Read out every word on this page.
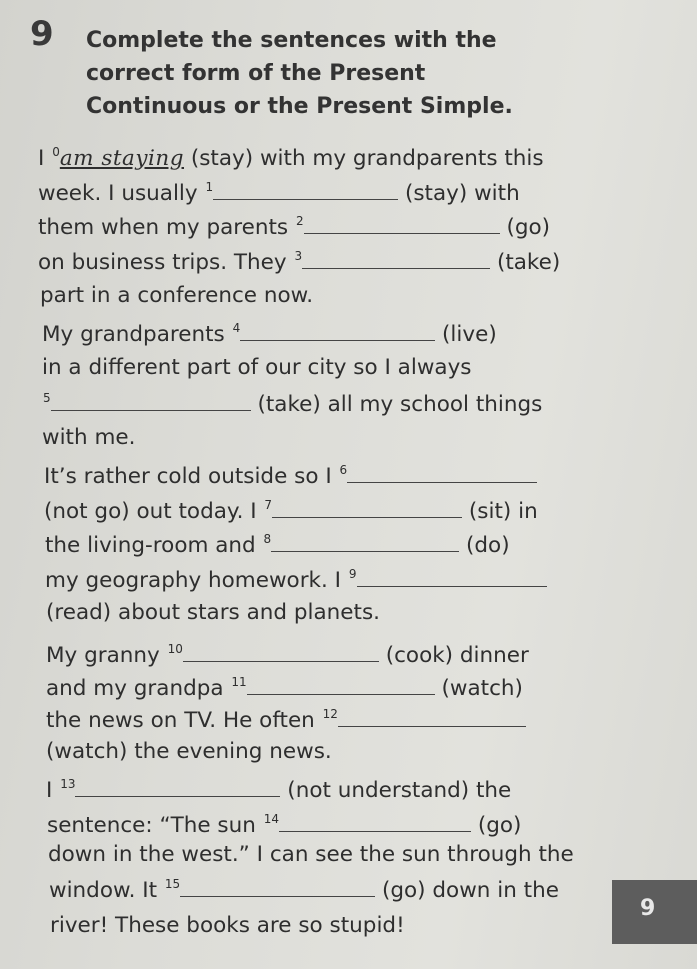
9 Complete the sentences with the correct form of the Present Continuous or the Present Simple.
I $^0$am staying (stay) with my grandparents this
week. I usually $^1$	(stay) with
them when my parents $^2$	(go)
on business trips. They $^3$	(take)
part in a conference now.
My grandparents $^4$	(live)
in a different part of our city so I always
$^5$	(take) all my school things
with me.
It’s rather cold outside so I $^6$
(not go) out today. I $^7$	(sit) in
the living-room and $^8$	(do)
my geography homework. I $^9$
(read) about stars and planets.
My granny $^{10}$	(cook) dinner
and my grandpa $^{11}$	(watch)
the news on TV. He often $^{12}$
(watch) the evening news.
I $^{13}$	(not understand) the
sentence: “The sun $^{14}$	(go)
down in the west.” I can see the sun through the
window. It $^{15}$	(go) down in the
river! These books are so stupid!
9
